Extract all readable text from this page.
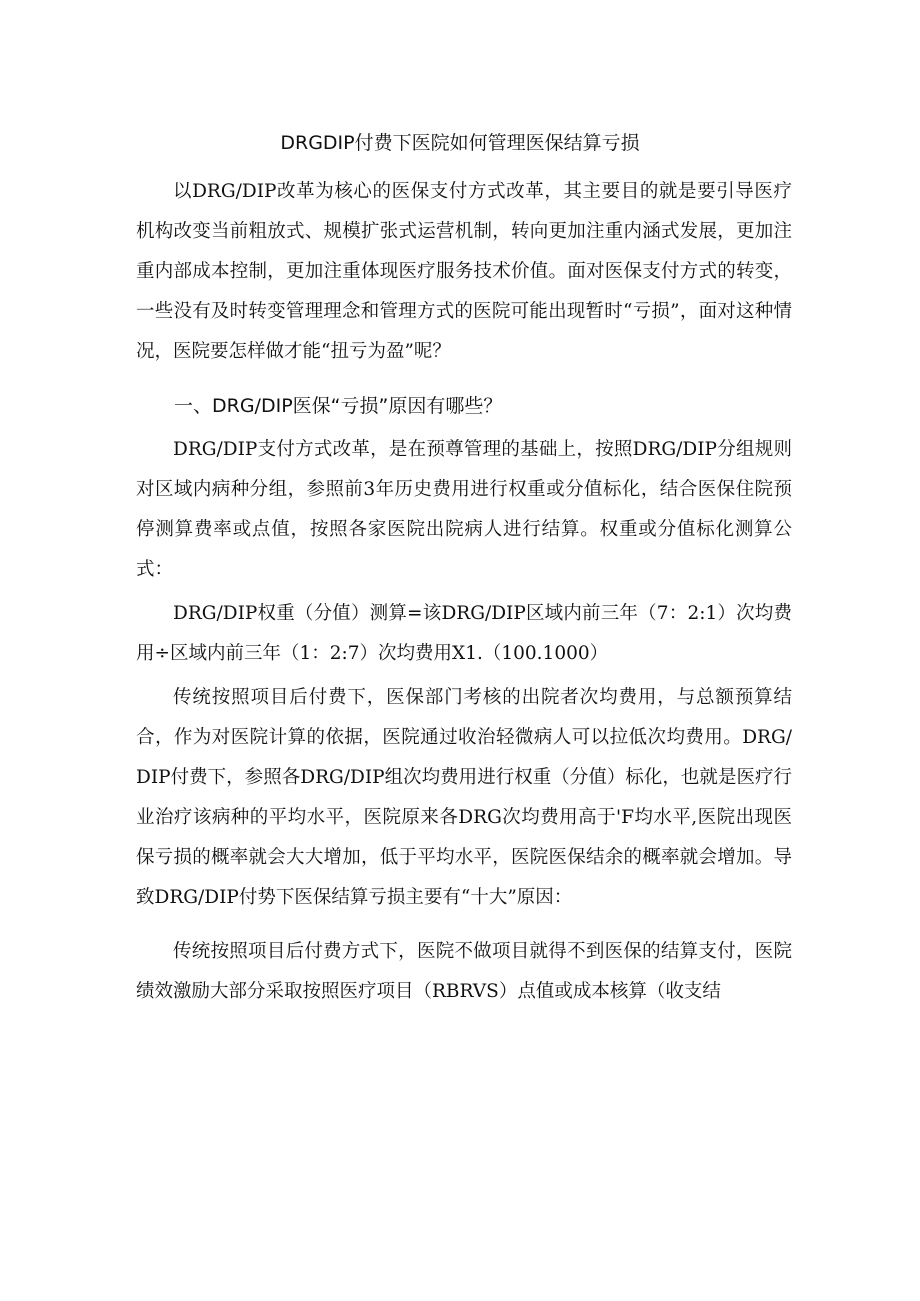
DRGDIP付费下医院如何管理医保结算亏损

以DRG/DIP改革为核心的医保支付方式改革，其主要目的就是要引导医疗机构改变当前粗放式、规模扩张式运营机制，转向更加注重内涵式发展，更加注重内部成本控制，更加注重体现医疗服务技术价值。面对医保支付方式的转变，一些没有及时转变管理理念和管理方式的医院可能出现暂时“亏损”，面对这种情况，医院要怎样做才能“扭亏为盈”呢？

一、DRG/DIP医保“亏损”原因有哪些？

DRG/DIP支付方式改革，是在预尊管理的基础上，按照DRG/DIP分组规则对区域内病种分组，参照前3年历史费用进行权重或分值标化，结合医保住院预停测算费率或点值，按照各家医院出院病人进行结算。权重或分值标化测算公式：

DRG/DIP权重（分值）测算=该DRG/DIP区域内前三年（7：2:1）次均费用÷区域内前三年（1：2:7）次均费用X1.（100.1000）

传统按照项目后付费下，医保部门考核的出院者次均费用，与总额预算结合，作为对医院计算的依据，医院通过收治轻微病人可以拉低次均费用。DRG/DIP付费下，参照各DRG/DIP组次均费用进行权重（分值）标化，也就是医疗行业治疗该病种的平均水平，医院原来各DRG次均费用高于'F均水平,医院出现医保亏损的概率就会大大增加，低于平均水平，医院医保结余的概率就会增加。导致DRG/DIP付势下医保结算亏损主要有“十大”原因：

传统按照项目后付费方式下，医院不做项目就得不到医保的结算支付，医院绩效激励大部分采取按照医疗项目（RBRVS）点值或成本核算（收支结
